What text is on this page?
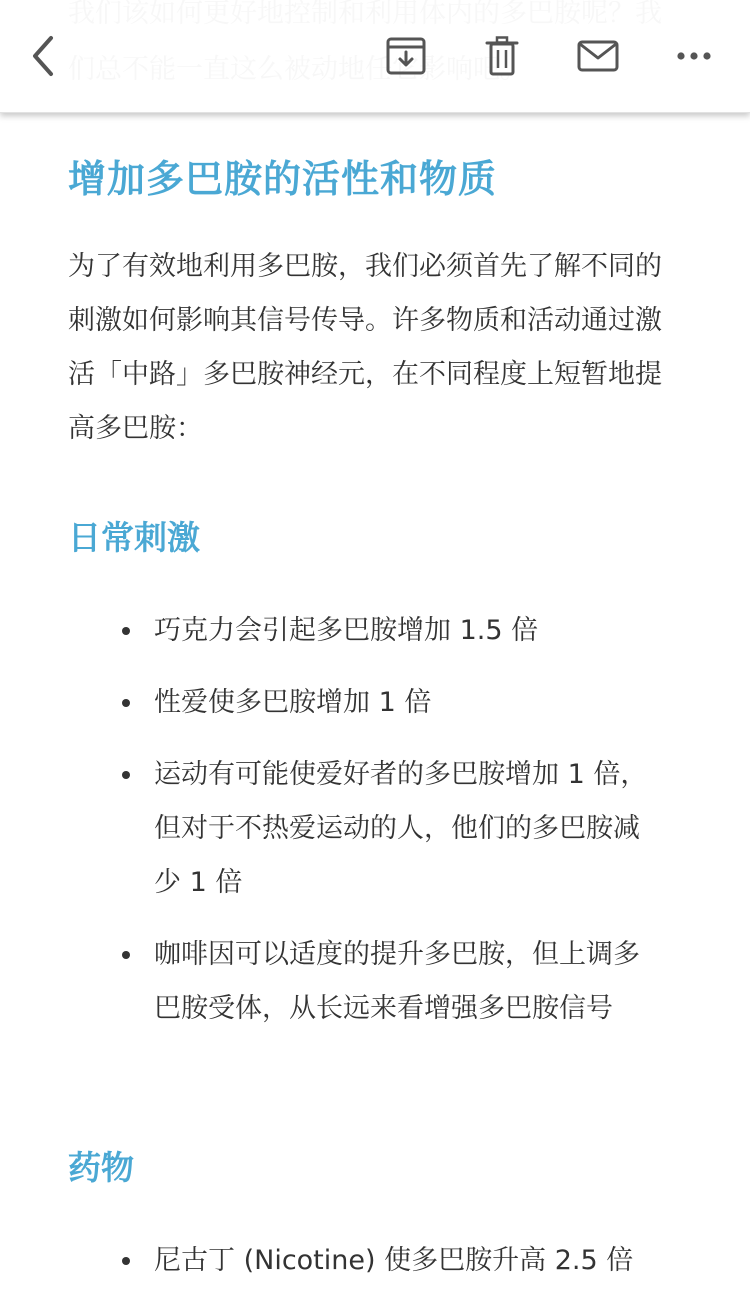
增加多巴胺的活性和物质

为了有效地利用多巴胺，我们必须首先了解不同的刺激如何影响其信号传导。许多物质和活动通过激活「中路」多巴胺神经元，在不同程度上短暂地提高多巴胺：

日常刺激
巧克力会引起多巴胺增加 1.5 倍
性爱使多巴胺增加 1 倍
运动有可能使爱好者的多巴胺增加 1 倍，但对于不热爱运动的人，他们的多巴胺减少 1 倍
咖啡因可以适度的提升多巴胺，但上调多巴胺受体，从长远来看增强多巴胺信号
药物
尼古丁 (Nicotine) 使多巴胺升高 2.5 倍
